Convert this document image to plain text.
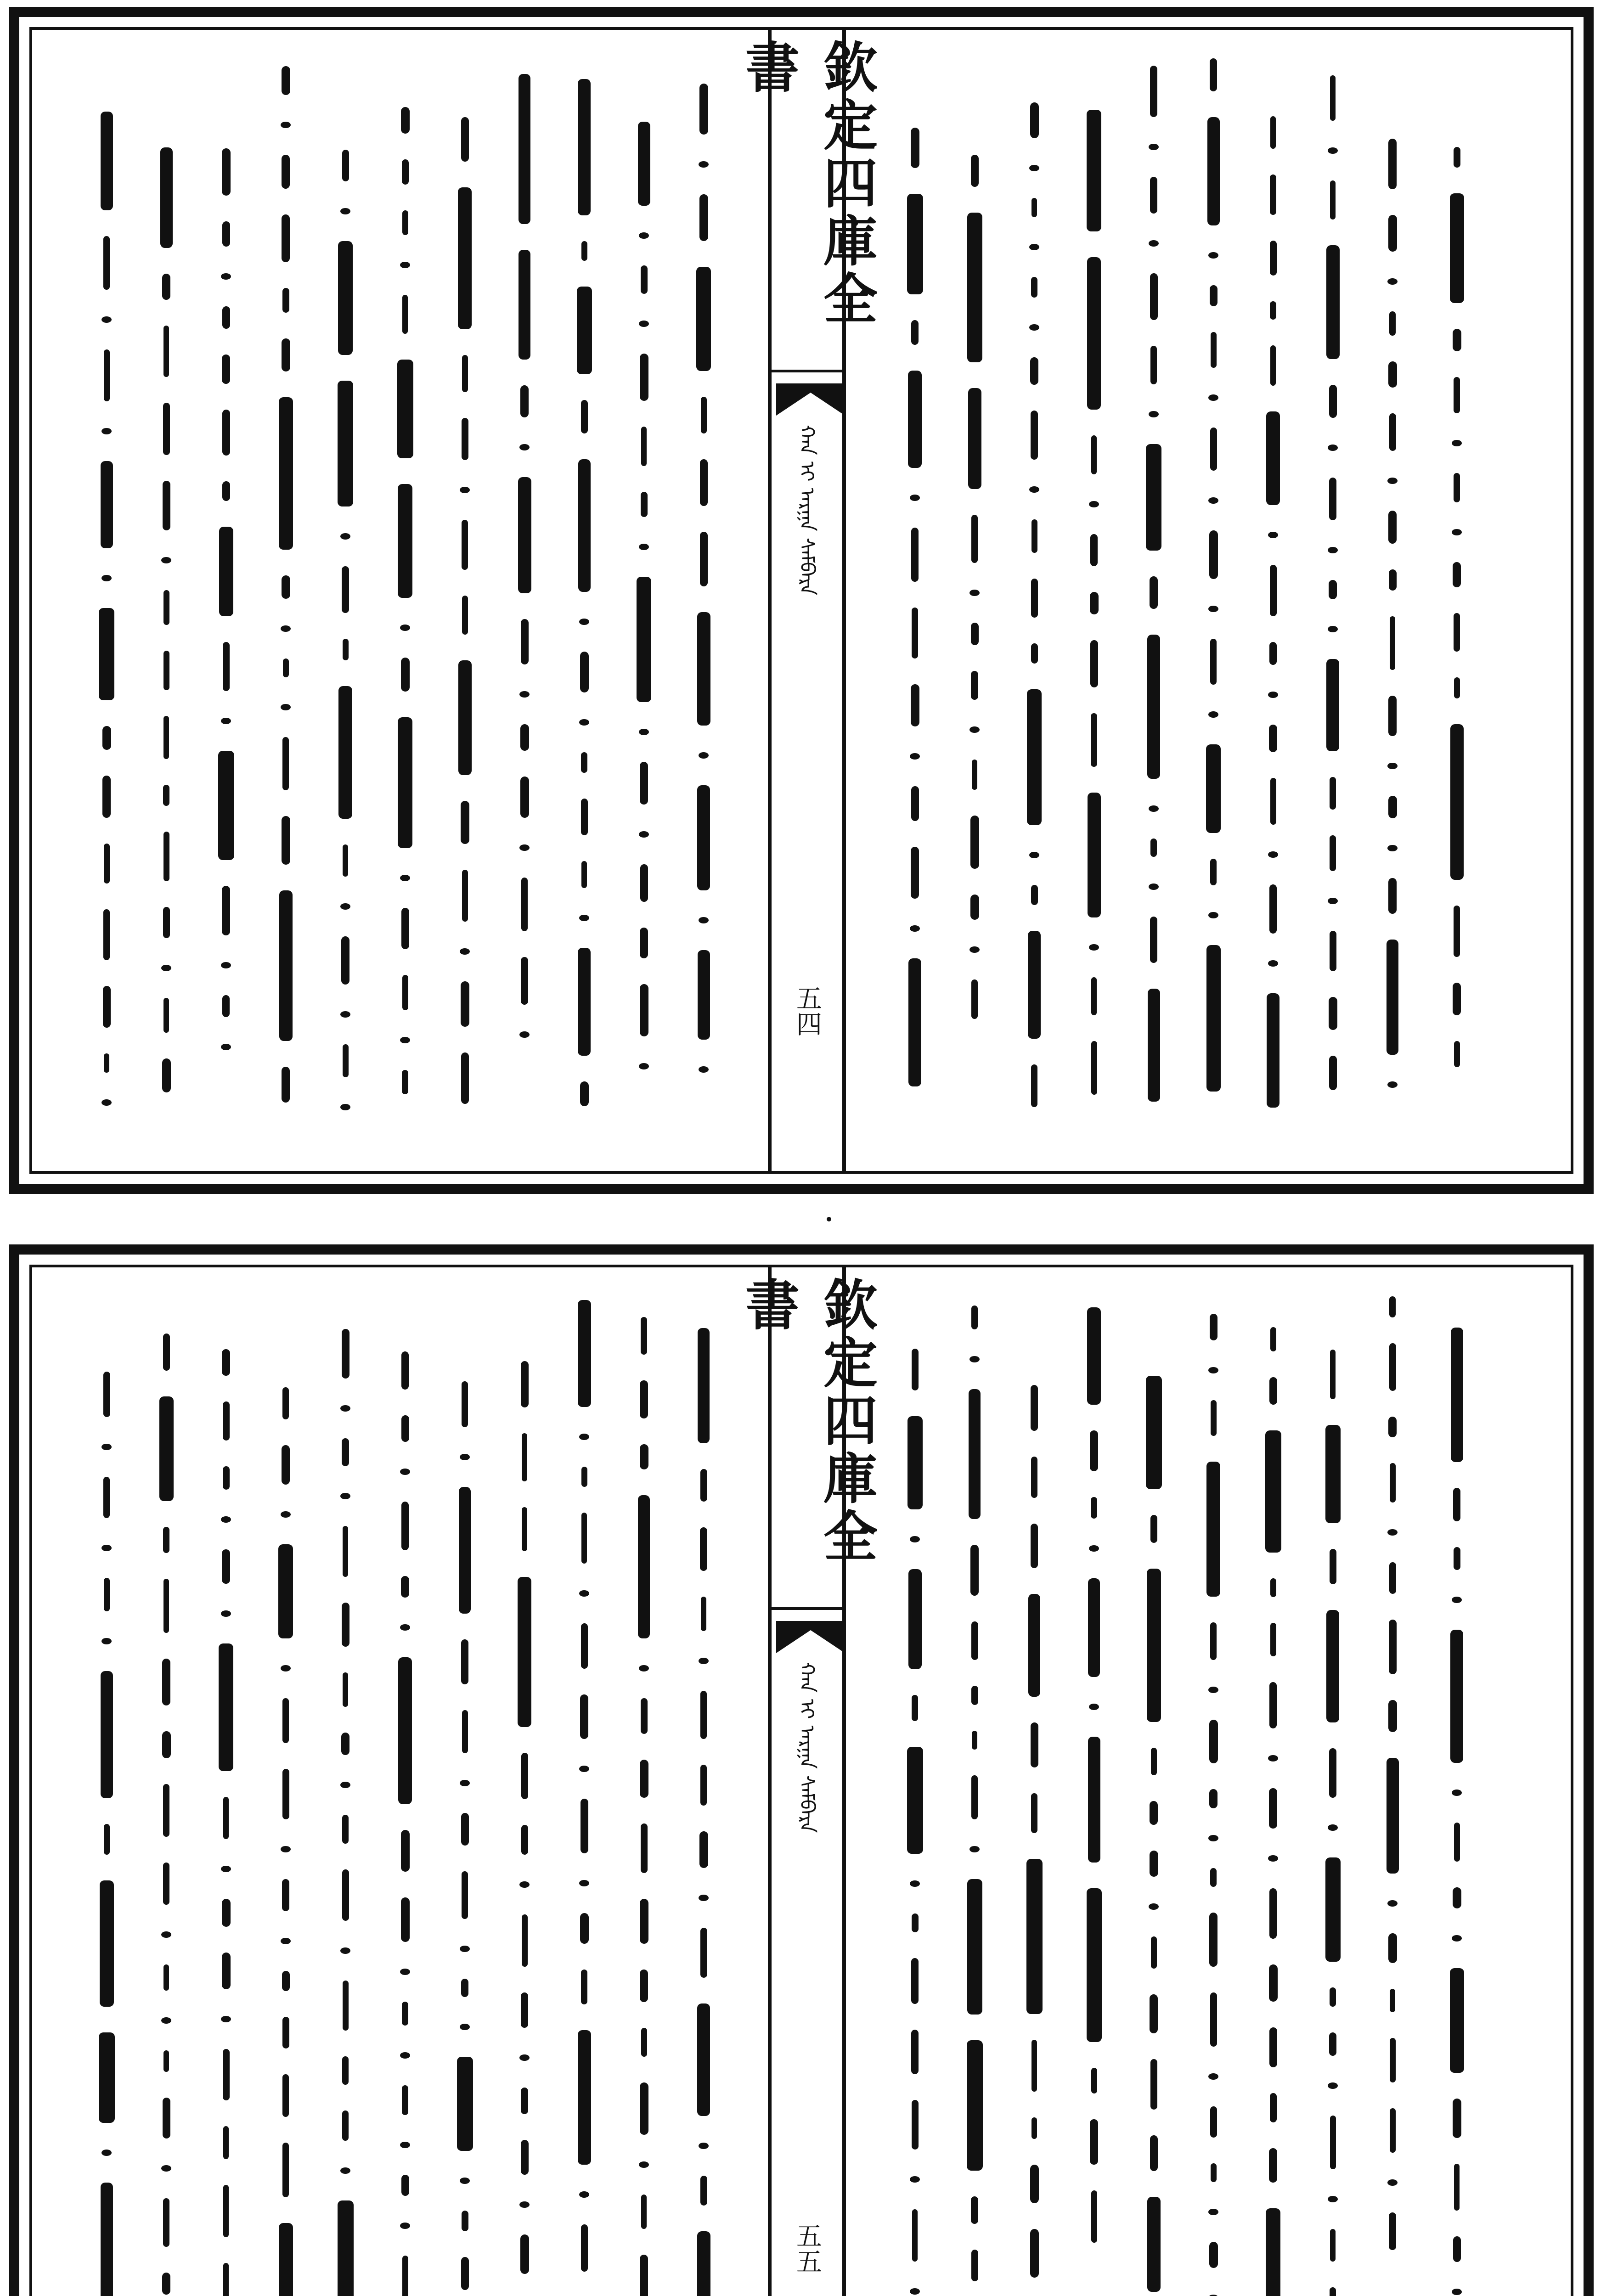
欽定四庫全書
ᠬᠠᠨ ᠢ ᠠᠷᠭᠠ ᠰᠠᠮᠪᠠᠷᠠ
五四
欽定四庫全書
ᠬᠠᠨ ᠢ ᠠᠷᠭᠠ ᠰᠠᠮᠪᠠᠷᠠ
五五
